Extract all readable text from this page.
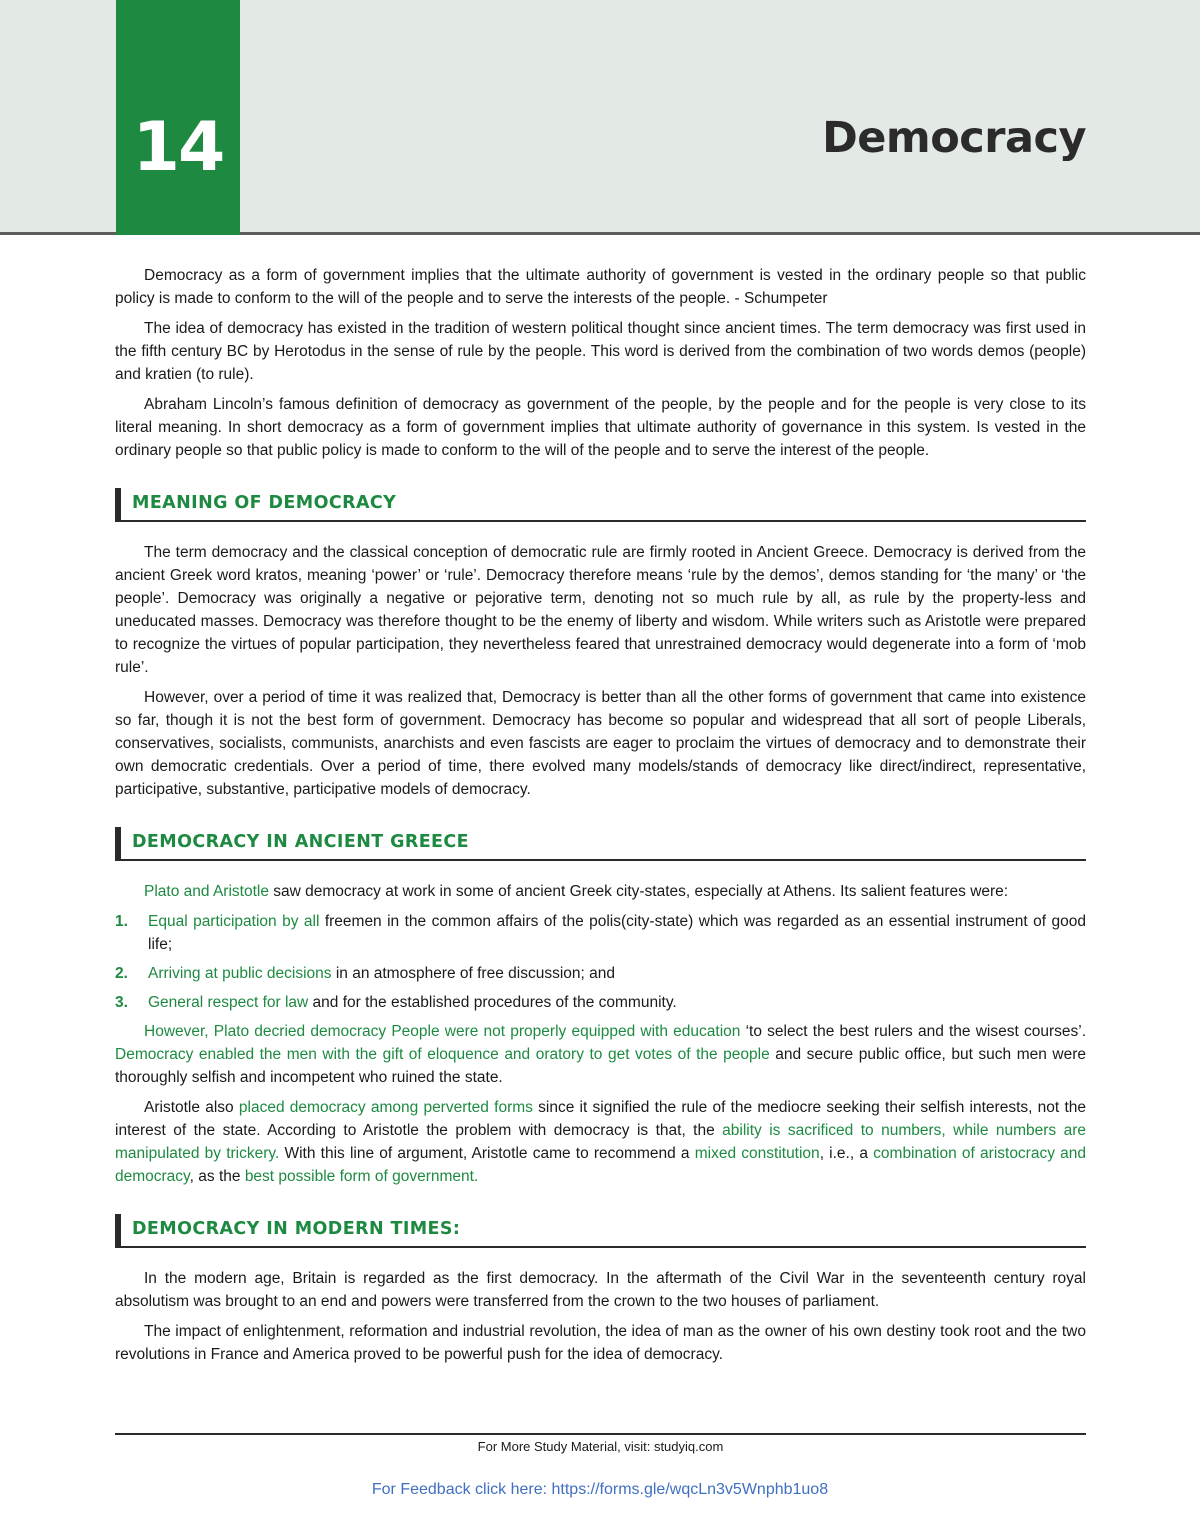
14	Democracy

Democracy as a form of government implies that the ultimate authority of government is vested in the ordinary people so that public policy is made to conform to the will of the people and to serve the interests of the people. - Schumpeter

The idea of democracy has existed in the tradition of western political thought since ancient times. The term democracy was first used in the fifth century BC by Herotodus in the sense of rule by the people. This word is derived from the combination of two words demos (people) and kratien (to rule).

Abraham Lincoln’s famous definition of democracy as government of the people, by the people and for the people is very close to its literal meaning. In short democracy as a form of government implies that ultimate authority of governance in this system. Is vested in the ordinary people so that public policy is made to conform to the will of the people and to serve the interest of the people.

MEANING OF DEMOCRACY

The term democracy and the classical conception of democratic rule are firmly rooted in Ancient Greece. Democracy is derived from the ancient Greek word kratos, meaning ‘power’ or ‘rule’. Democracy therefore means ‘rule by the demos’, demos standing for ‘the many’ or ‘the people’. Democracy was originally a negative or pejorative term, denoting not so much rule by all, as rule by the property-less and uneducated masses. Democracy was therefore thought to be the enemy of liberty and wisdom. While writers such as Aristotle were prepared to recognize the virtues of popular participation, they nevertheless feared that unrestrained democracy would degenerate into a form of ‘mob rule’.

However, over a period of time it was realized that, Democracy is better than all the other forms of government that came into existence so far, though it is not the best form of government. Democracy has become so popular and widespread that all sort of people Liberals, conservatives, socialists, communists, anarchists and even fascists are eager to proclaim the virtues of democracy and to demonstrate their own democratic credentials. Over a period of time, there evolved many models/stands of democracy like direct/indirect, representative, participative, substantive, participative models of democracy.

DEMOCRACY IN ANCIENT GREECE

Plato and Aristotle saw democracy at work in some of ancient Greek city-states, especially at Athens. Its salient features were:

1. Equal participation by all freemen in the common affairs of the polis(city-state) which was regarded as an essential instrument of good life;
2. Arriving at public decisions in an atmosphere of free discussion; and
3. General respect for law and for the established procedures of the community.

However, Plato decried democracy People were not properly equipped with education ‘to select the best rulers and the wisest courses’. Democracy enabled the men with the gift of eloquence and oratory to get votes of the people and secure public office, but such men were thoroughly selfish and incompetent who ruined the state.

Aristotle also placed democracy among perverted forms since it signified the rule of the mediocre seeking their selfish interests, not the interest of the state. According to Aristotle the problem with democracy is that, the ability is sacrificed to numbers, while numbers are manipulated by trickery. With this line of argument, Aristotle came to recommend a mixed constitution, i.e., a combination of aristocracy and democracy, as the best possible form of government.

DEMOCRACY IN MODERN TIMES:

In the modern age, Britain is regarded as the first democracy. In the aftermath of the Civil War in the seventeenth century royal absolutism was brought to an end and powers were transferred from the crown to the two houses of parliament.

The impact of enlightenment, reformation and industrial revolution, the idea of man as the owner of his own destiny took root and the two revolutions in France and America proved to be powerful push for the idea of democracy.

For More Study Material, visit: studyiq.com
For Feedback click here: https://forms.gle/wqcLn3v5Wnphb1uo8
